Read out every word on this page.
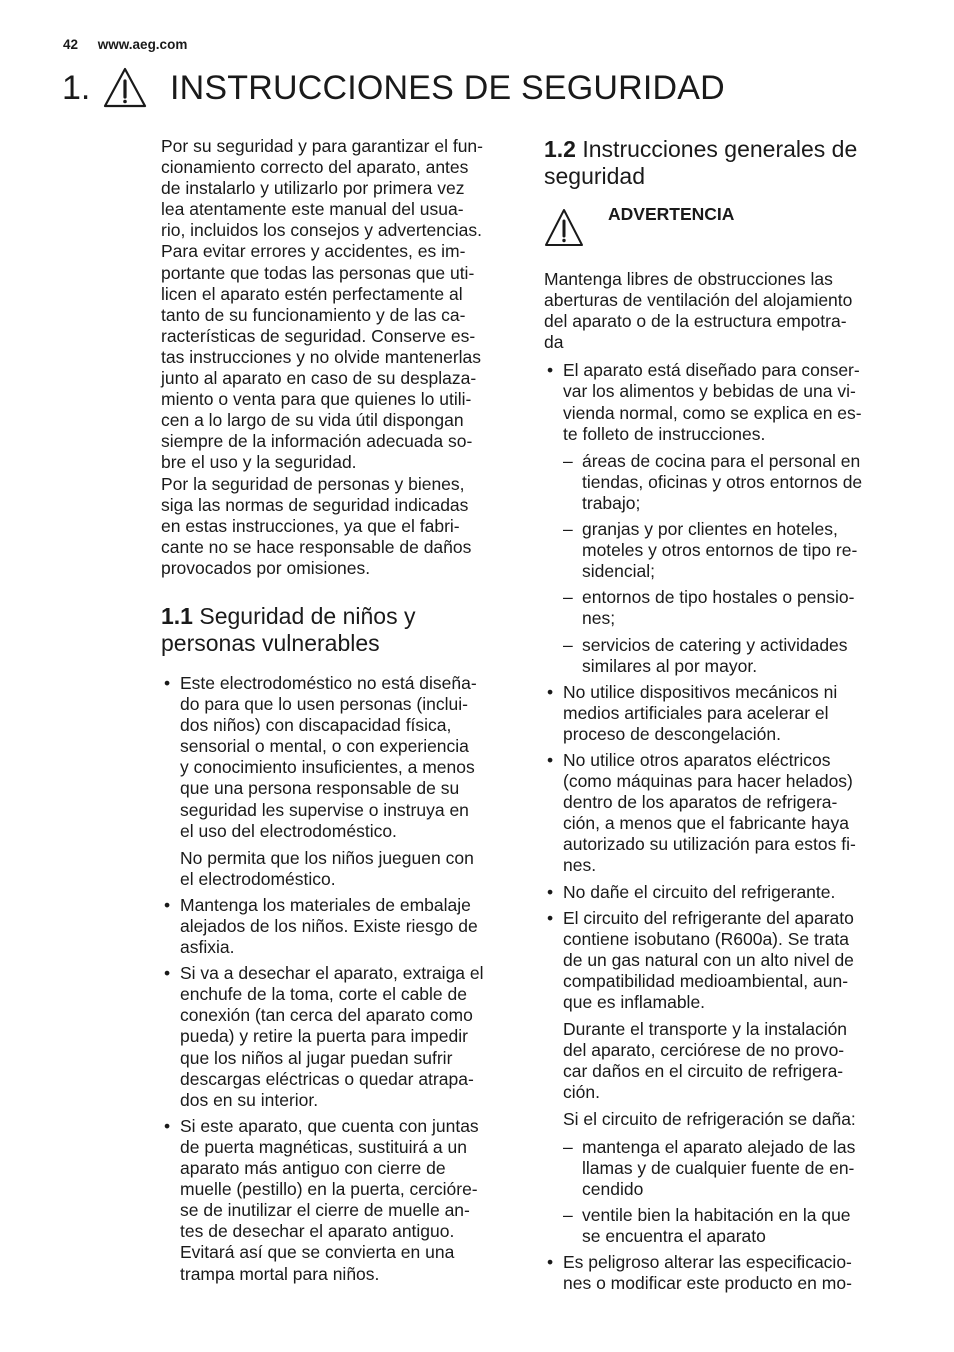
42 www.aeg.com
1. INSTRUCCIONES DE SEGURIDAD

Por su seguridad y para garantizar el fun-
cionamiento correcto del aparato, antes
de instalarlo y utilizarlo por primera vez
lea atentamente este manual del usua-
rio, incluidos los consejos y advertencias.
Para evitar errores y accidentes, es im-
portante que todas las personas que uti-
licen el aparato estén perfectamente al
tanto de su funcionamiento y de las ca-
racterísticas de seguridad. Conserve es-
tas instrucciones y no olvide mantenerlas
junto al aparato en caso de su desplaza-
miento o venta para que quienes lo utili-
cen a lo largo de su vida útil dispongan
siempre de la información adecuada so-
bre el uso y la seguridad.

Por la seguridad de personas y bienes,
siga las normas de seguridad indicadas
en estas instrucciones, ya que el fabri-
cante no se hace responsable de daños
provocados por omisiones.

1.1 Seguridad de niños y
personas vulnerables
• Este electrodoméstico no está diseña-
do para que lo usen personas (inclui-
dos niños) con discapacidad física,
sensorial o mental, o con experiencia
y conocimiento insuficientes, a menos
que una persona responsable de su
seguridad les supervise o instruya en
el uso del electrodoméstico.

No permita que los niños jueguen con
el electrodoméstico.

• Mantenga los materiales de embalaje
alejados de los niños. Existe riesgo de
asfixia.

• Si va a desechar el aparato, extraiga el
enchufe de la toma, corte el cable de
conexión (tan cerca del aparato como
pueda) y retire la puerta para impedir
que los niños al jugar puedan sufrir
descargas eléctricas o quedar atrapa-
dos en su interior.

• Si este aparato, que cuenta con juntas
de puerta magnéticas, sustituirá a un
aparato más antiguo con cierre de
muelle (pestillo) en la puerta, cercióre-
se de inutilizar el cierre de muelle an-
tes de desechar el aparato antiguo.
Evitará así que se convierta en una
trampa mortal para niños.

1.2 Instrucciones generales de
seguridad
ADVERTENCIA

Mantenga libres de obstrucciones las
aberturas de ventilación del alojamiento
del aparato o de la estructura empotra-
da

• El aparato está diseñado para conser-
var los alimentos y bebidas de una vi-
vienda normal, como se explica en es-
te folleto de instrucciones.

– áreas de cocina para el personal en
tiendas, oficinas y otros entornos de
trabajo;
– granjas y por clientes en hoteles,
moteles y otros entornos de tipo re-
sidencial;
– entornos de tipo hostales o pensio-
nes;
– servicios de catering y actividades
similares al por mayor.
• No utilice dispositivos mecánicos ni
medios artificiales para acelerar el
proceso de descongelación.

• No utilice otros aparatos eléctricos
(como máquinas para hacer helados)
dentro de los aparatos de refrigera-
ción, a menos que el fabricante haya
autorizado su utilización para estos fi-
nes.

• No dañe el circuito del refrigerante.

• El circuito del refrigerante del aparato
contiene isobutano (R600a). Se trata
de un gas natural con un alto nivel de
compatibilidad medioambiental, aun-
que es inflamable.

Durante el transporte y la instalación
del aparato, cerciórese de no provo-
car daños en el circuito de refrigera-
ción.

Si el circuito de refrigeración se daña:

– mantenga el aparato alejado de las
llamas y de cualquier fuente de en-
cendido
– ventile bien la habitación en la que
se encuentra el aparato
• Es peligroso alterar las especificacio-
nes o modificar este producto en mo-
